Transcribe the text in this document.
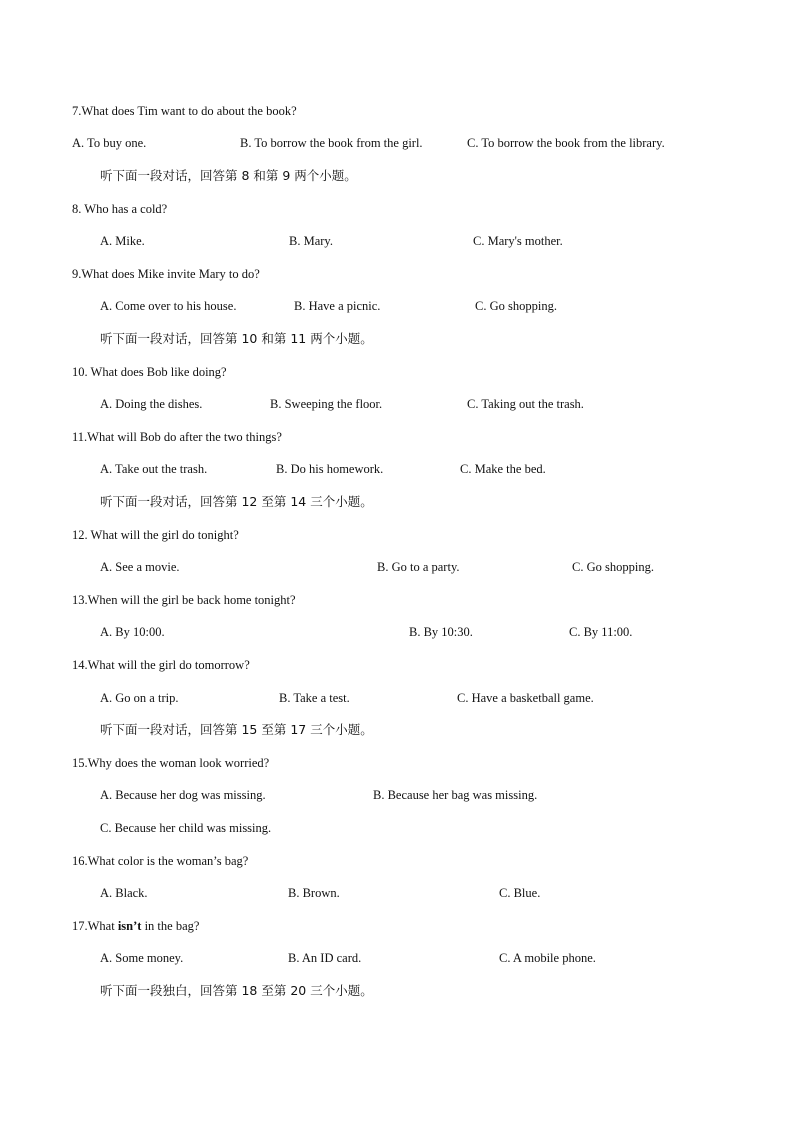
7.What does Tim want to do about the book?
A. To buy one.	B. To borrow the book from the girl.	C. To borrow the book from the library.
听下面一段对话，回答第 8 和第 9 两个小题。
8. Who has a cold?
A. Mike.	B. Mary.	C. Mary's mother.
9.What does Mike invite Mary to do?
A. Come over to his house.	B. Have a picnic.	C. Go shopping.
听下面一段对话，回答第 10 和第 11 两个小题。
10. What does Bob like doing?
A. Doing the dishes.	B. Sweeping the floor.	C. Taking out the trash.
11.What will Bob do after the two things?
A. Take out the trash.	B. Do his homework.	C. Make the bed.
听下面一段对话，回答第 12 至第 14 三个小题。
12. What will the girl do tonight?
A. See a movie.	B. Go to a party.	C. Go shopping.
13.When will the girl be back home tonight?
A. By 10:00.	B. By 10:30.	C. By 11:00.
14.What will the girl do tomorrow?
A. Go on a trip.	B. Take a test.	C. Have a basketball game.
听下面一段对话，回答第 15 至第 17 三个小题。
15.Why does the woman look worried?
A. Because her dog was missing.	B. Because her bag was missing.
C. Because her child was missing.
16.What color is the woman’s bag?
A. Black.	B. Brown.	C. Blue.
17.What isn’t in the bag?
A. Some money.	B. An ID card.	C. A mobile phone.
听下面一段独白，回答第 18 至第 20 三个小题。
